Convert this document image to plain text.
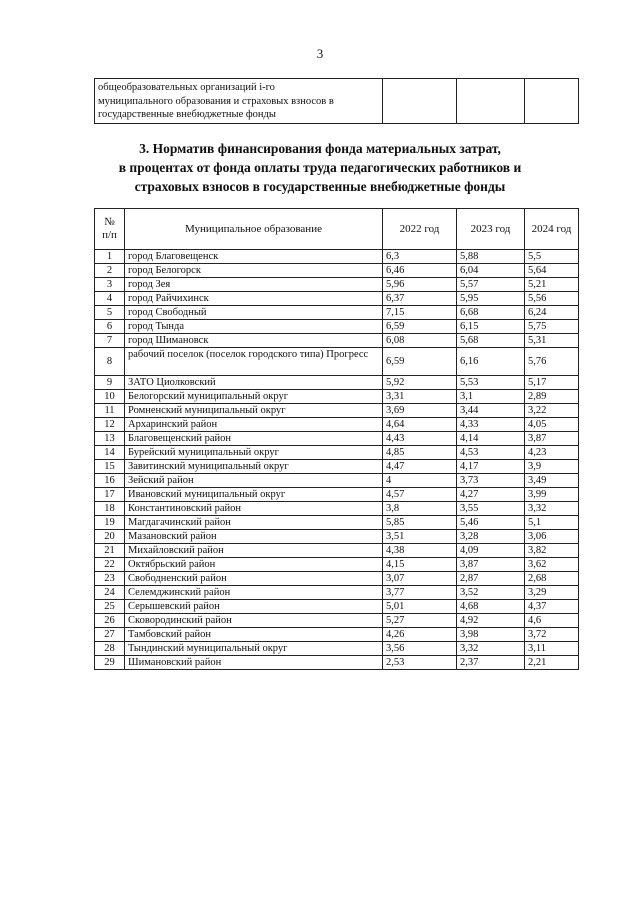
3
общеобразовательных организаций i-го
муниципального образования и страховых взносов в
государственные внебюджетные фонды

3. Норматив финансирования фонда материальных затрат,
в процентах от фонда оплаты труда педагогических работников и
страховых взносов в государственные внебюджетные фонды
№
п/п	Муниципальное образование	2022 год	2023 год	2024 год
1	город Благовещенск	6,3	5,88	5,5
2	город Белогорск	6,46	6,04	5,64
3	город Зея	5,96	5,57	5,21
4	город Райчихинск	6,37	5,95	5,56
5	город Свободный	7,15	6,68	6,24
6	город Тында	6,59	6,15	5,75
7	город Шимановск	6,08	5,68	5,31
8	рабочий поселок (поселок городского типа) Прогресс	6,59	6,16	5,76
9	ЗАТО Циолковский	5,92	5,53	5,17
10	Белогорский муниципальный округ	3,31	3,1	2,89
11	Ромненский муниципальный округ	3,69	3,44	3,22
12	Архаринский район	4,64	4,33	4,05
13	Благовещенский район	4,43	4,14	3,87
14	Бурейский муниципальный округ	4,85	4,53	4,23
15	Завитинский муниципальный округ	4,47	4,17	3,9
16	Зейский район	4	3,73	3,49
17	Ивановский муниципальный округ	4,57	4,27	3,99
18	Константиновский район	3,8	3,55	3,32
19	Магдагачинский район	5,85	5,46	5,1
20	Мазановский район	3,51	3,28	3,06
21	Михайловский район	4,38	4,09	3,82
22	Октябрьский район	4,15	3,87	3,62
23	Свободненский район	3,07	2,87	2,68
24	Селемджинский район	3,77	3,52	3,29
25	Серышевский район	5,01	4,68	4,37
26	Сковородинский район	5,27	4,92	4,6
27	Тамбовский район	4,26	3,98	3,72
28	Тындинский муниципальный округ	3,56	3,32	3,11
29	Шимановский район	2,53	2,37	2,21
